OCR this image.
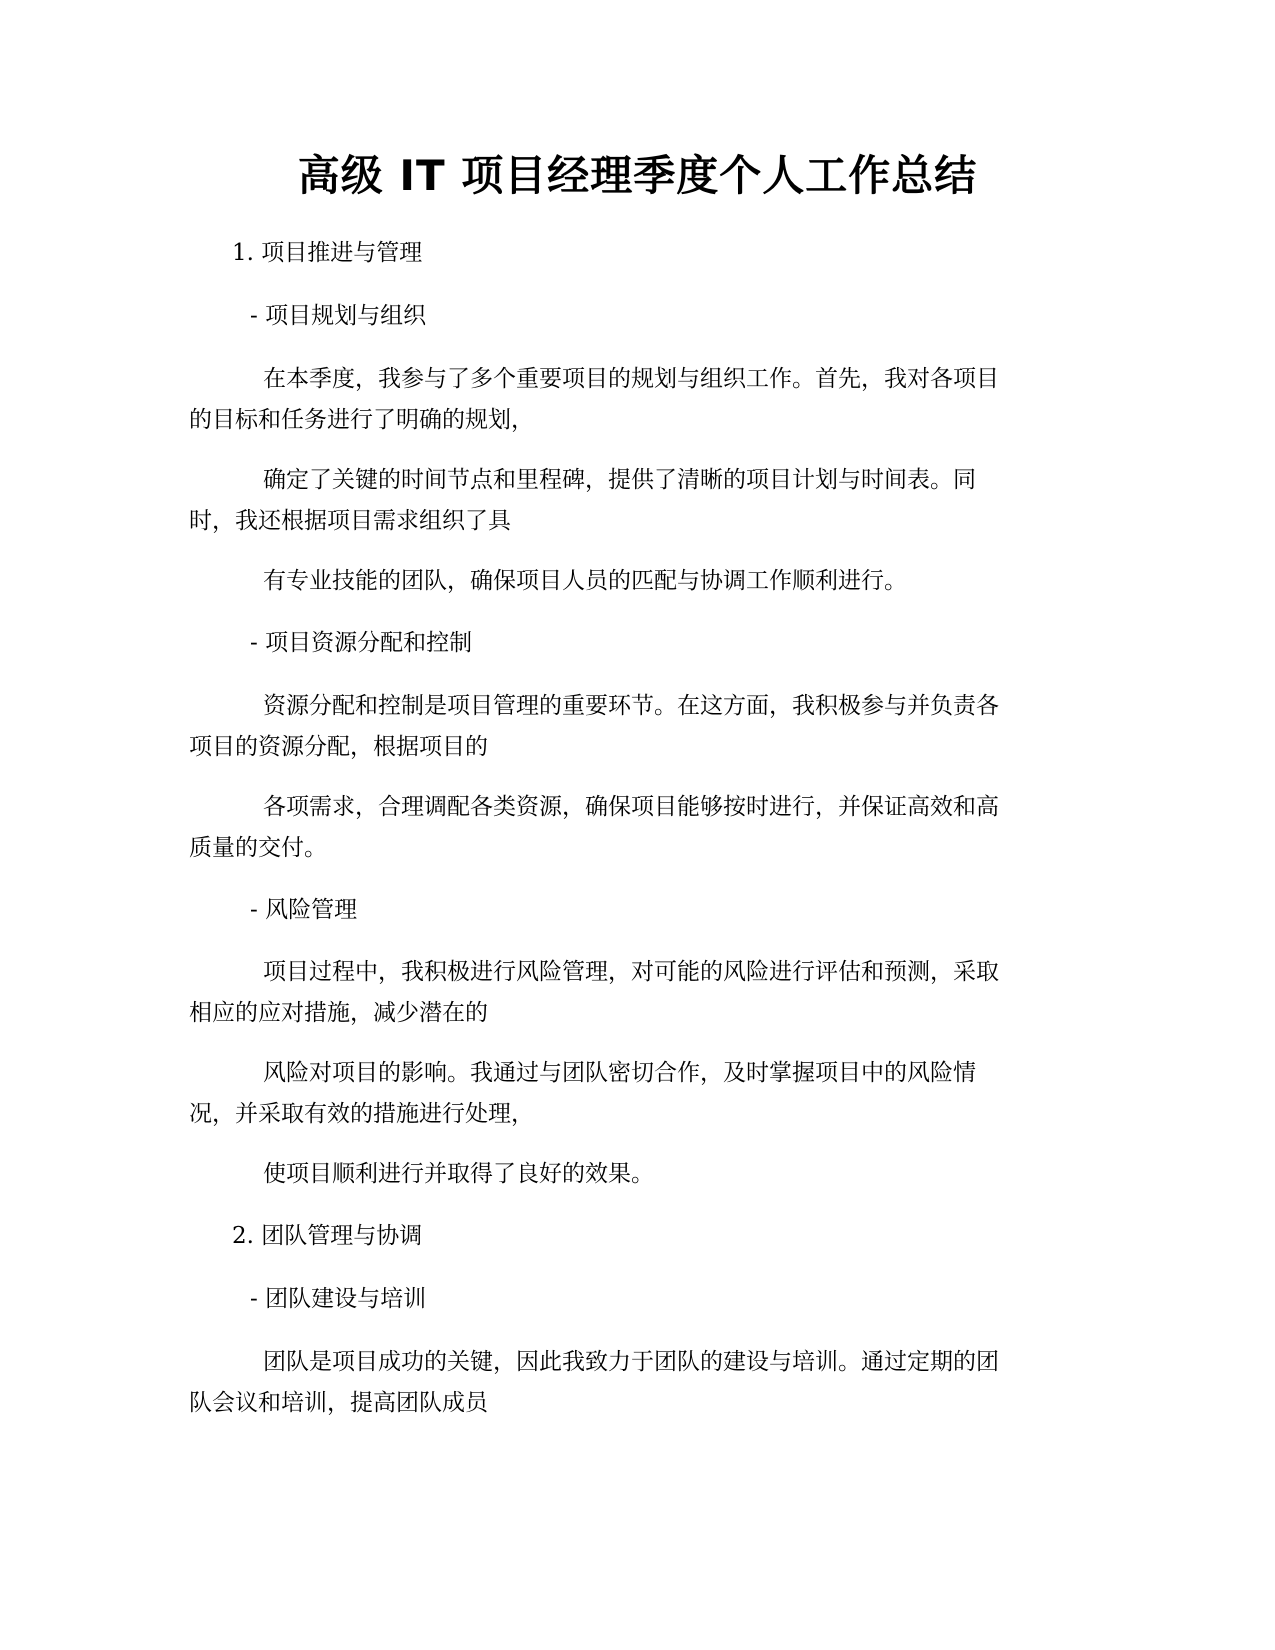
高级 IT 项目经理季度个人工作总结
1. 项目推进与管理
- 项目规划与组织
在本季度，我参与了多个重要项目的规划与组织工作。首先，我对各项目
的目标和任务进行了明确的规划，
确定了关键的时间节点和里程碑，提供了清晰的项目计划与时间表。同
时，我还根据项目需求组织了具
有专业技能的团队，确保项目人员的匹配与协调工作顺利进行。
- 项目资源分配和控制
资源分配和控制是项目管理的重要环节。在这方面，我积极参与并负责各
项目的资源分配，根据项目的
各项需求，合理调配各类资源，确保项目能够按时进行，并保证高效和高
质量的交付。
- 风险管理
项目过程中，我积极进行风险管理，对可能的风险进行评估和预测，采取
相应的应对措施，减少潜在的
风险对项目的影响。我通过与团队密切合作，及时掌握项目中的风险情
况，并采取有效的措施进行处理，
使项目顺利进行并取得了良好的效果。
2. 团队管理与协调
- 团队建设与培训
团队是项目成功的关键，因此我致力于团队的建设与培训。通过定期的团
队会议和培训，提高团队成员
